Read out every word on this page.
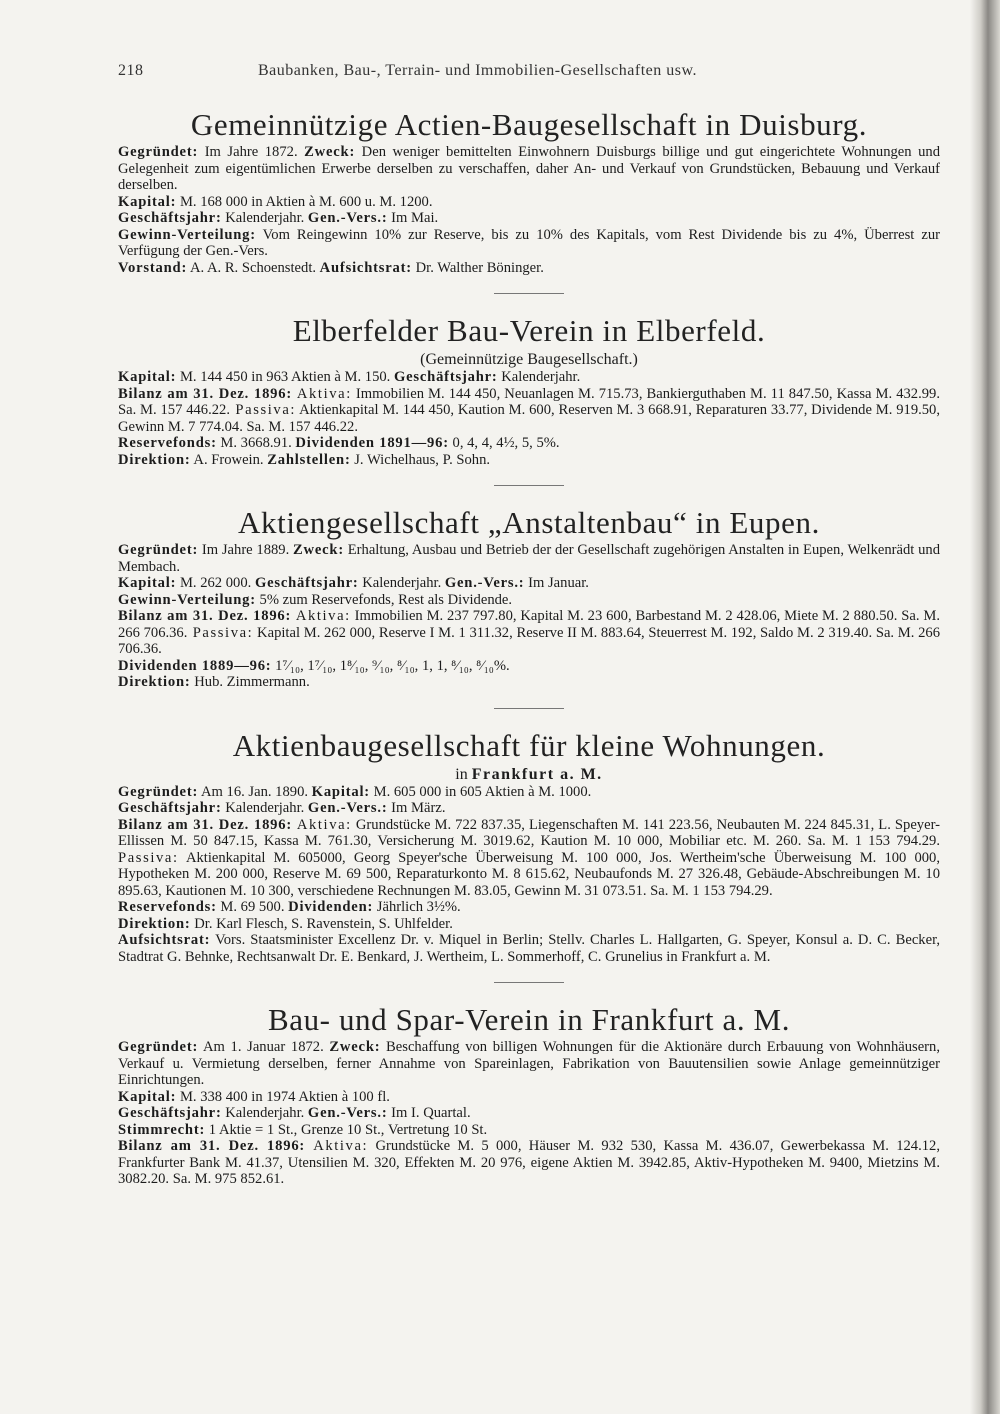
218	Baubanken, Bau-, Terrain- und Immobilien-Gesellschaften usw.
Gemeinnützige Actien-Baugesellschaft in Duisburg.

Gegründet: Im Jahre 1872. Zweck: Den weniger bemittelten Einwohnern Duisburgs billige und gut eingerichtete Wohnungen und Gelegenheit zum eigentümlichen Erwerbe derselben zu verschaffen, daher An- und Verkauf von Grundstücken, Bebauung und Verkauf derselben.
Kapital: M. 168 000 in Aktien à M. 600 u. M. 1200.
Geschäftsjahr: Kalenderjahr. Gen.-Vers.: Im Mai.
Gewinn-Verteilung: Vom Reingewinn 10% zur Reserve, bis zu 10% des Kapitals, vom Rest Dividende bis zu 4%, Überrest zur Verfügung der Gen.-Vers.
Vorstand: A. A. R. Schoenstedt. Aufsichtsrat: Dr. Walther Böninger.

Elberfelder Bau-Verein in Elberfeld.

(Gemeinnützige Baugesellschaft.)

Kapital: M. 144 450 in 963 Aktien à M. 150. Geschäftsjahr: Kalenderjahr.
Bilanz am 31. Dez. 1896: Aktiva: Immobilien M. 144 450, Neuanlagen M. 715.73, Bankierguthaben M. 11 847.50, Kassa M. 432.99. Sa. M. 157 446.22. Passiva: Aktienkapital M. 144 450, Kaution M. 600, Reserven M. 3 668.91, Reparaturen 33.77, Dividende M. 919.50, Gewinn M. 7 774.04. Sa. M. 157 446.22.
Reservefonds: M. 3668.91. Dividenden 1891—96: 0, 4, 4, 4½, 5, 5%.
Direktion: A. Frowein. Zahlstellen: J. Wichelhaus, P. Sohn.

Aktiengesellschaft „Anstaltenbau“ in Eupen.

Gegründet: Im Jahre 1889. Zweck: Erhaltung, Ausbau und Betrieb der der Gesellschaft zugehörigen Anstalten in Eupen, Welkenrädt und Membach.
Kapital: M. 262 000. Geschäftsjahr: Kalenderjahr. Gen.-Vers.: Im Januar.
Gewinn-Verteilung: 5% zum Reservefonds, Rest als Dividende.
Bilanz am 31. Dez. 1896: Aktiva: Immobilien M. 237 797.80, Kapital M. 23 600, Barbestand M. 2 428.06, Miete M. 2 880.50. Sa. M. 266 706.36. Passiva: Kapital M. 262 000, Reserve I M. 1 311.32, Reserve II M. 883.64, Steuerrest M. 192, Saldo M. 2 319.40. Sa. M. 266 706.36.
Dividenden 1889—96: 1⁷⁄₁₀, 1⁷⁄₁₀, 1⁸⁄₁₀, ⁹⁄₁₀, ⁸⁄₁₀, 1, 1, ⁸⁄₁₀, ⁸⁄₁₀%.
Direktion: Hub. Zimmermann.

Aktienbaugesellschaft für kleine Wohnungen.

in Frankfurt a. M.

Gegründet: Am 16. Jan. 1890. Kapital: M. 605 000 in 605 Aktien à M. 1000.
Geschäftsjahr: Kalenderjahr. Gen.-Vers.: Im März.
Bilanz am 31. Dez. 1896: Aktiva: Grundstücke M. 722 837.35, Liegenschaften M. 141 223.56, Neubauten M. 224 845.31, L. Speyer-Ellissen M. 50 847.15, Kassa M. 761.30, Versicherung M. 3019.62, Kaution M. 10 000, Mobiliar etc. M. 260. Sa. M. 1 153 794.29. Passiva: Aktienkapital M. 605000, Georg Speyer'sche Überweisung M. 100 000, Jos. Wertheim'sche Überweisung M. 100 000, Hypotheken M. 200 000, Reserve M. 69 500, Reparaturkonto M. 8 615.62, Neubaufonds M. 27 326.48, Gebäude-Abschreibungen M. 10 895.63, Kautionen M. 10 300, verschiedene Rechnungen M. 83.05, Gewinn M. 31 073.51. Sa. M. 1 153 794.29.
Reservefonds: M. 69 500. Dividenden: Jährlich 3½%.
Direktion: Dr. Karl Flesch, S. Ravenstein, S. Uhlfelder.
Aufsichtsrat: Vors. Staatsminister Excellenz Dr. v. Miquel in Berlin; Stellv. Charles L. Hallgarten, G. Speyer, Konsul a. D. C. Becker, Stadtrat G. Behnke, Rechtsanwalt Dr. E. Benkard, J. Wertheim, L. Sommerhoff, C. Grunelius in Frankfurt a. M.

Bau- und Spar-Verein in Frankfurt a. M.

Gegründet: Am 1. Januar 1872. Zweck: Beschaffung von billigen Wohnungen für die Aktionäre durch Erbauung von Wohnhäusern, Verkauf u. Vermietung derselben, ferner Annahme von Spareinlagen, Fabrikation von Bauutensilien sowie Anlage gemeinnütziger Einrichtungen.
Kapital: M. 338 400 in 1974 Aktien à 100 fl.
Geschäftsjahr: Kalenderjahr. Gen.-Vers.: Im I. Quartal.
Stimmrecht: 1 Aktie = 1 St., Grenze 10 St., Vertretung 10 St.
Bilanz am 31. Dez. 1896: Aktiva: Grundstücke M. 5 000, Häuser M. 932 530, Kassa M. 436.07, Gewerbekassa M. 124.12, Frankfurter Bank M. 41.37, Utensilien M. 320, Effekten M. 20 976, eigene Aktien M. 3942.85, Aktiv-Hypotheken M. 9400, Mietzins M. 3082.20. Sa. M. 975 852.61.
